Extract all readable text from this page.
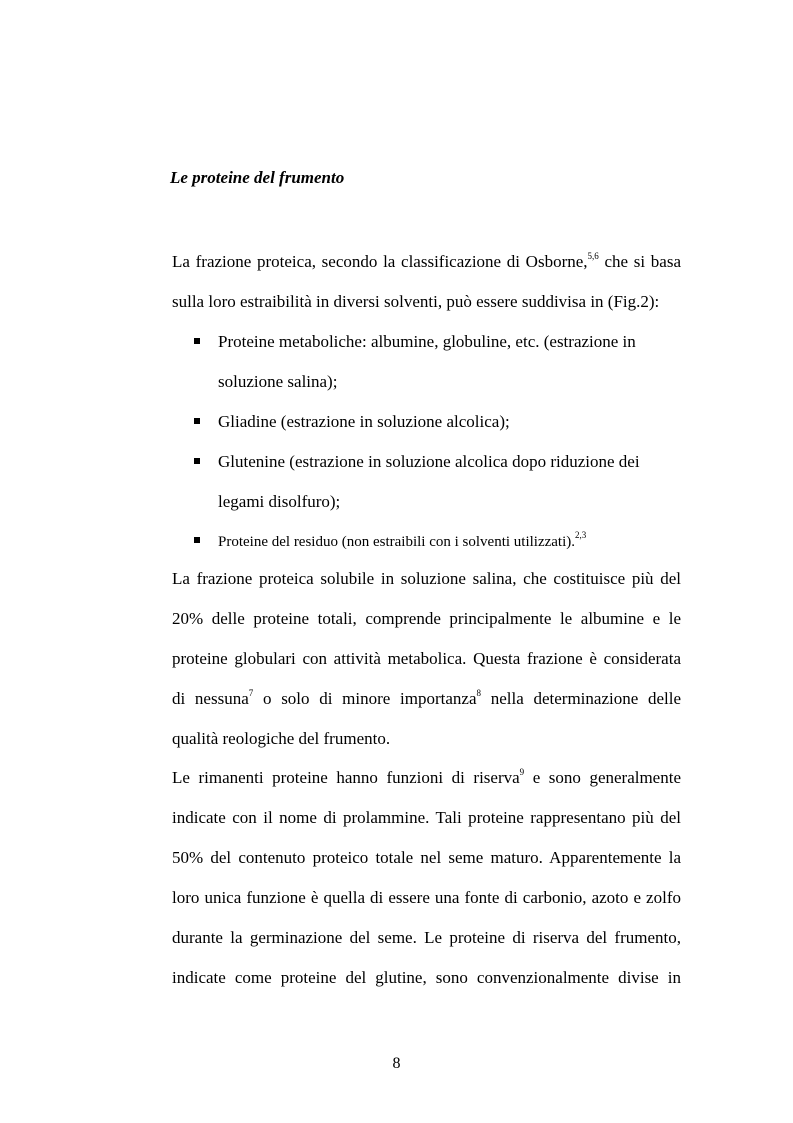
Le proteine del frumento
La frazione proteica, secondo la classificazione di Osborne,$^{5,6}$ che si basa
sulla loro estraibilità in diversi solventi, può essere suddivisa in (Fig.2):
Proteine metaboliche: albumine, globuline, etc. (estrazione in
soluzione salina);
Gliadine (estrazione in soluzione alcolica);
Glutenine (estrazione in soluzione alcolica dopo riduzione dei
legami disolfuro);
Proteine del residuo (non estraibili con i solventi utilizzati).$^{2,3}$
La frazione proteica solubile in soluzione salina, che costituisce più del
20% delle proteine totali, comprende principalmente le albumine e le
proteine globulari con attività metabolica. Questa frazione è considerata
di nessuna$^7$ o solo di minore importanza$^8$ nella determinazione delle
qualità reologiche del frumento.
Le rimanenti proteine hanno funzioni di riserva$^9$ e sono generalmente
indicate con il nome di prolammine. Tali proteine rappresentano più del
50% del contenuto proteico totale nel seme maturo. Apparentemente la
loro unica funzione è quella di essere una fonte di carbonio, azoto e zolfo
durante la germinazione del seme. Le proteine di riserva del frumento,
indicate come proteine del glutine, sono convenzionalmente divise in
8
